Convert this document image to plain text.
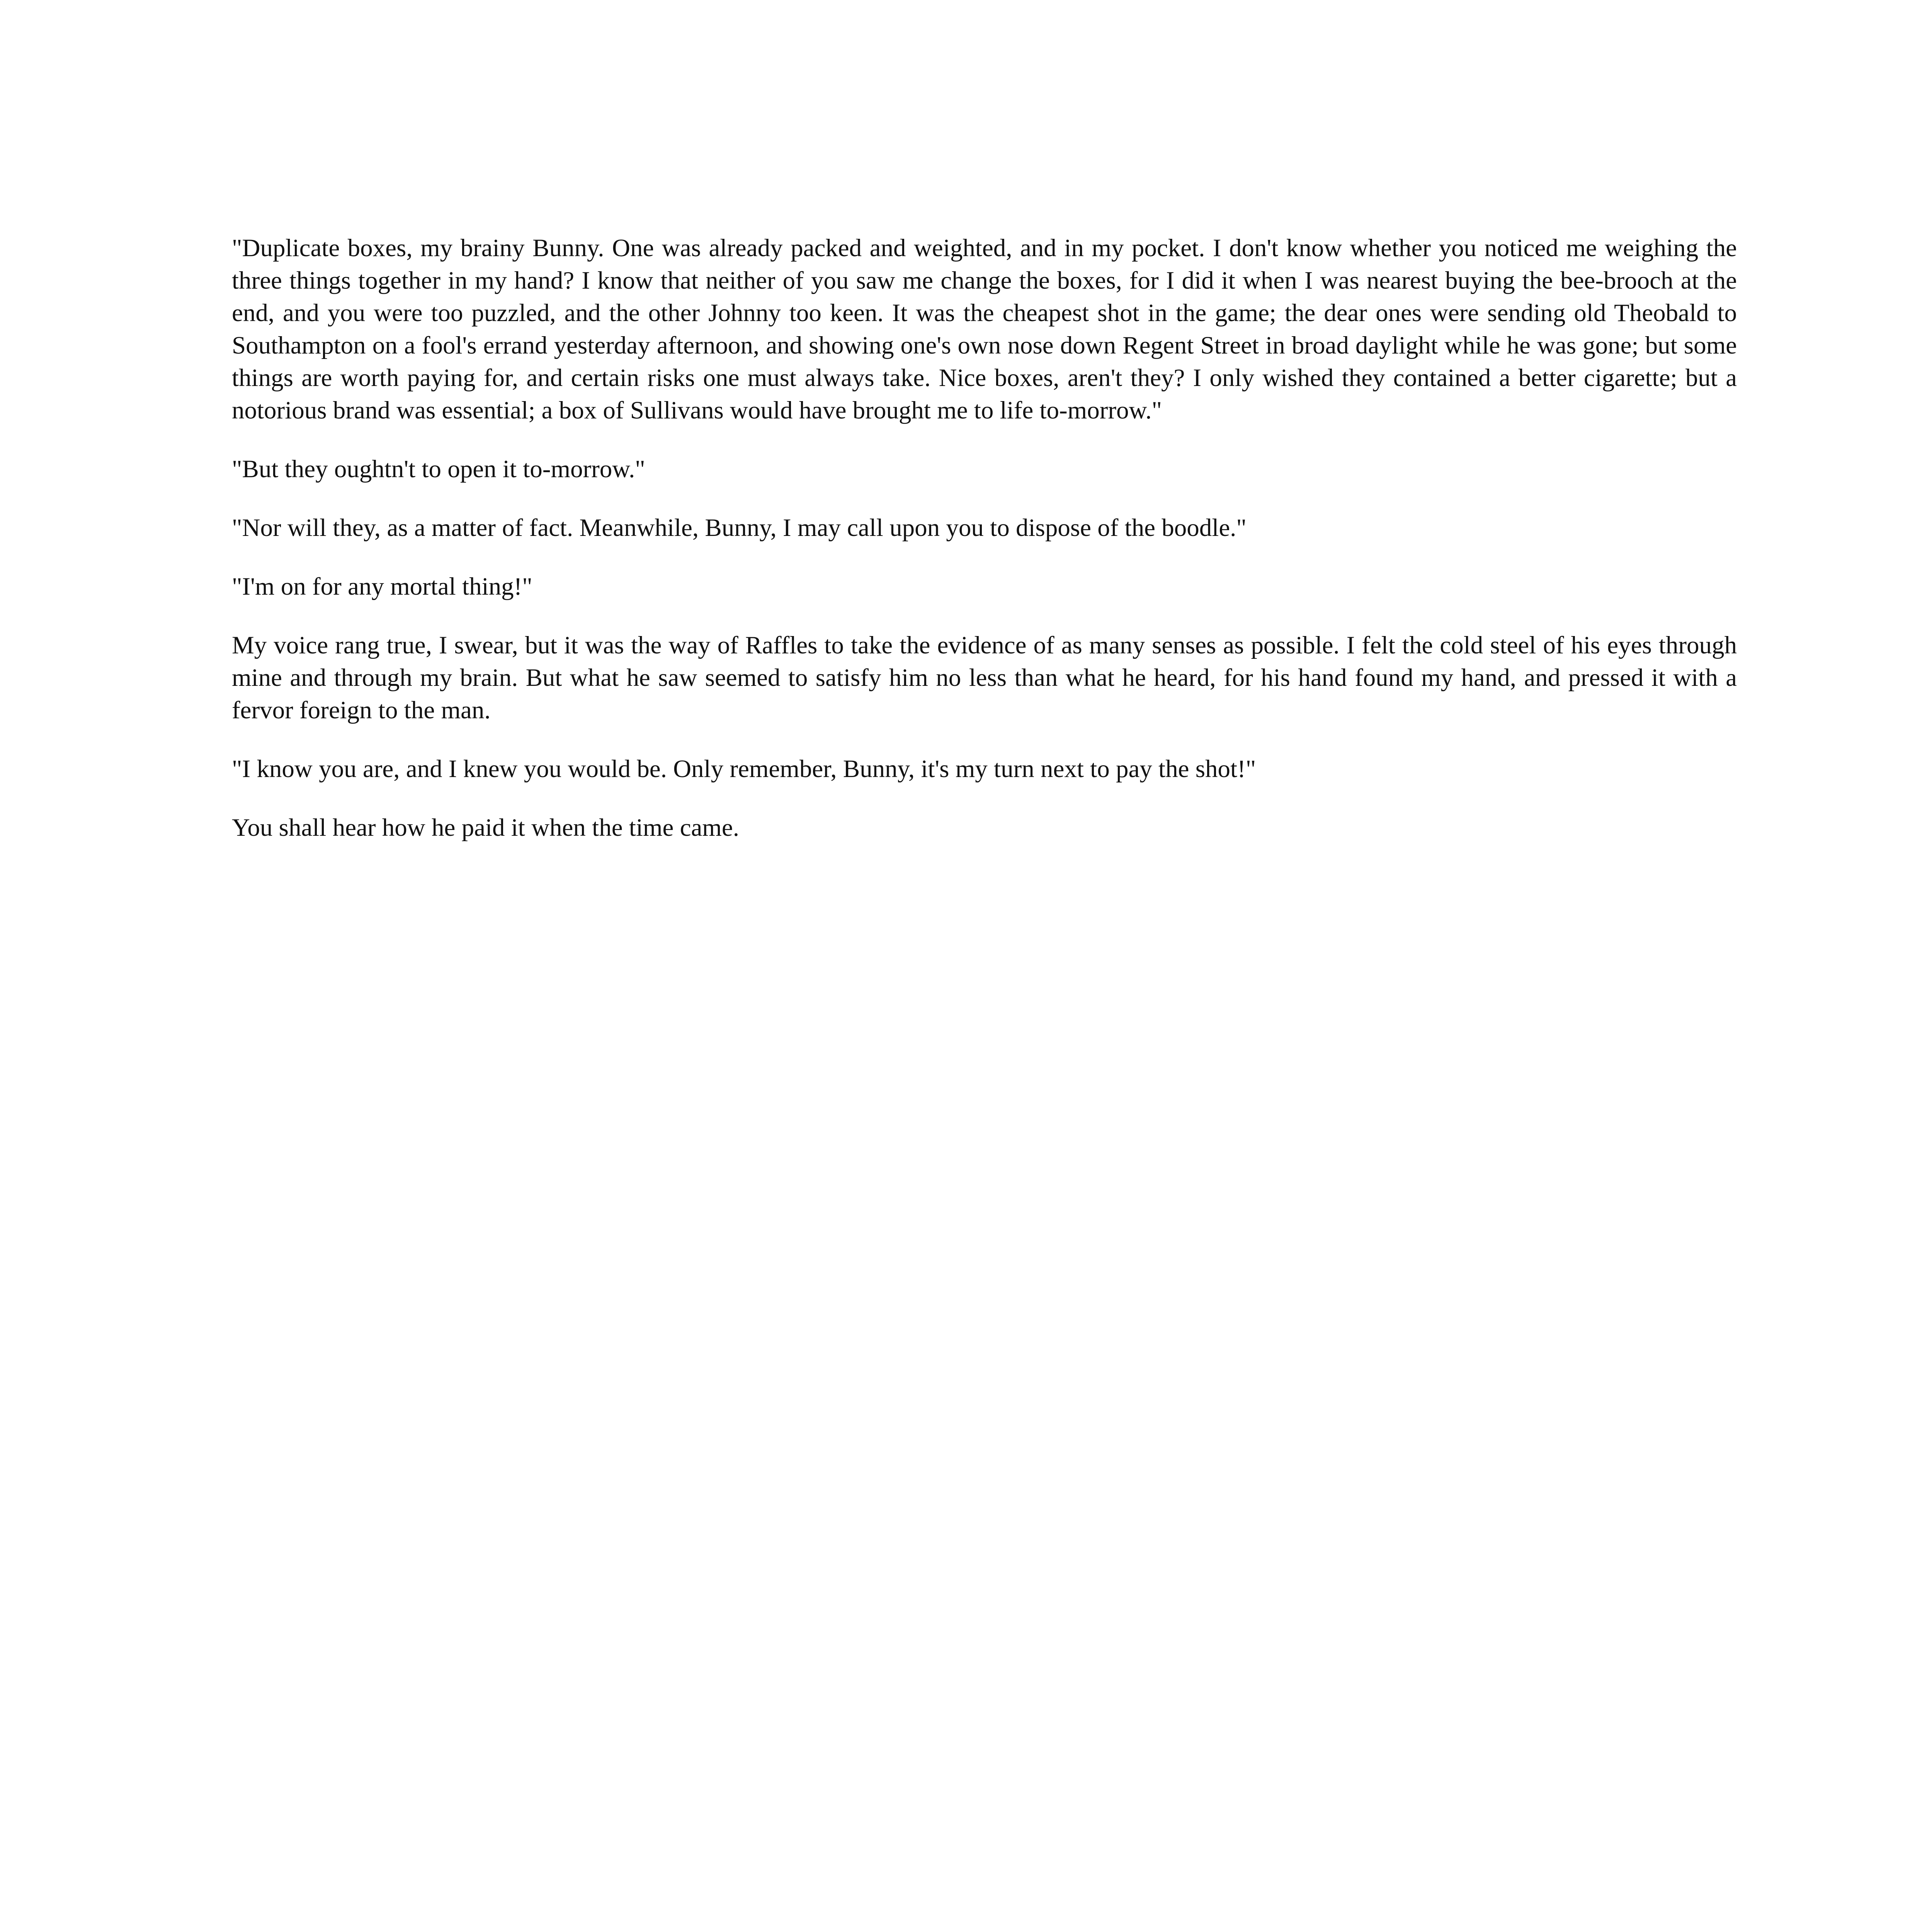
"Duplicate boxes, my brainy Bunny. One was already packed and weighted, and in my pocket. I don't know whether you noticed me weighing the three things together in my hand? I know that neither of you saw me change the boxes, for I did it when I was nearest buying the bee-brooch at the end, and you were too puzzled, and the other Johnny too keen. It was the cheapest shot in the game; the dear ones were sending old Theobald to Southampton on a fool's errand yesterday afternoon, and showing one's own nose down Regent Street in broad daylight while he was gone; but some things are worth paying for, and certain risks one must always take. Nice boxes, aren't they? I only wished they contained a better cigarette; but a notorious brand was essential; a box of Sullivans would have brought me to life to-morrow."

"But they oughtn't to open it to-morrow."

"Nor will they, as a matter of fact. Meanwhile, Bunny, I may call upon you to dispose of the boodle."

"I'm on for any mortal thing!"

My voice rang true, I swear, but it was the way of Raffles to take the evidence of as many senses as possible. I felt the cold steel of his eyes through mine and through my brain. But what he saw seemed to satisfy him no less than what he heard, for his hand found my hand, and pressed it with a fervor foreign to the man.

"I know you are, and I knew you would be. Only remember, Bunny, it's my turn next to pay the shot!"

You shall hear how he paid it when the time came.
